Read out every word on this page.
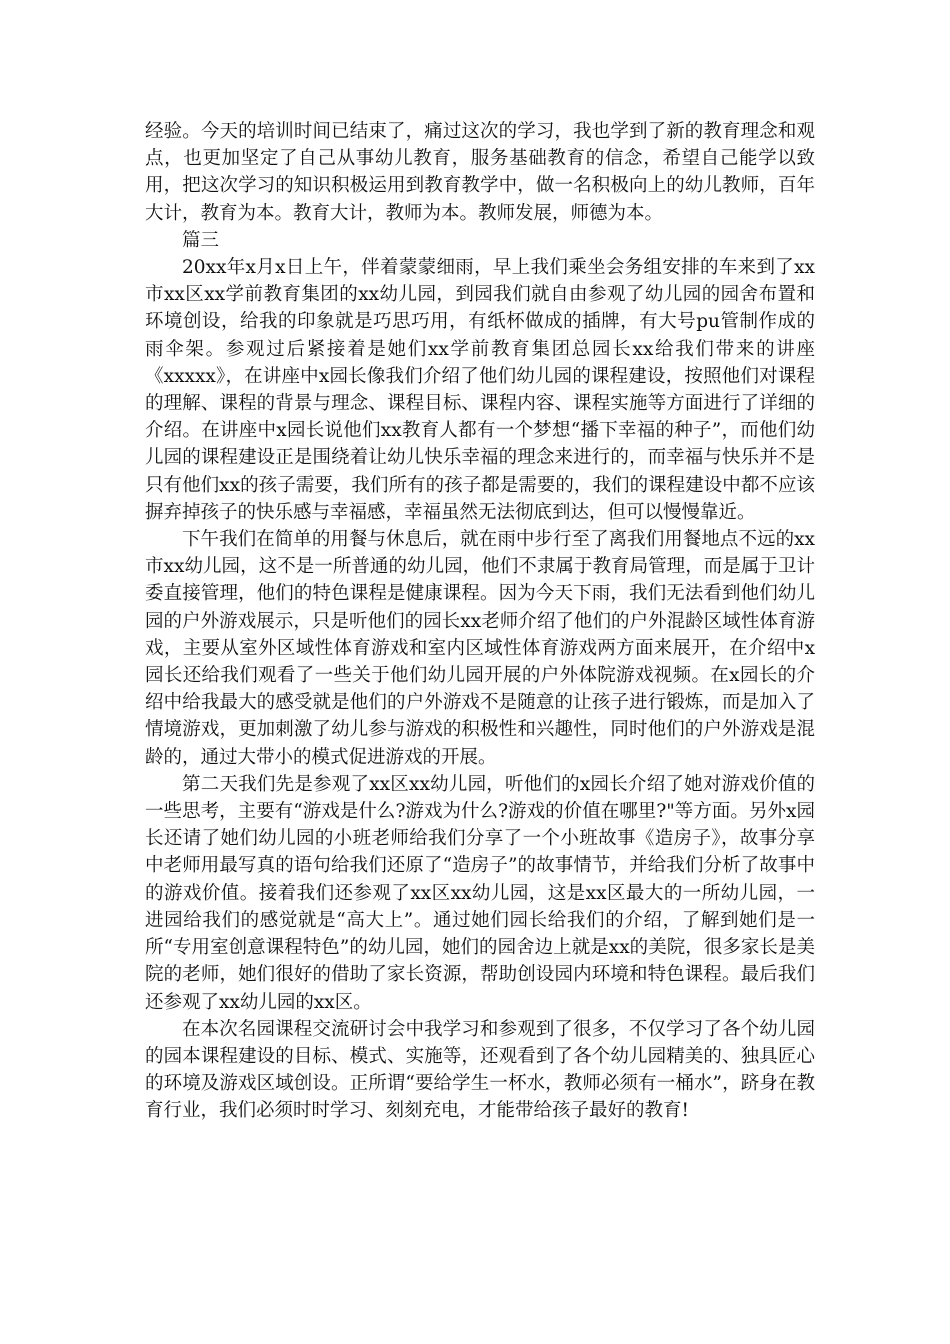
经验。今天的培训时间已结束了，痛过这次的学习，我也学到了新的教育理念和观点，也更加坚定了自己从事幼儿教育，服务基础教育的信念，希望自己能学以致用，把这次学习的知识积极运用到教育教学中，做一名积极向上的幼儿教师，百年大计，教育为本。教育大计，教师为本。教师发展，师德为本。

篇三

20xx年x月x日上午，伴着蒙蒙细雨，早上我们乘坐会务组安排的车来到了xx市xx区xx学前教育集团的xx幼儿园，到园我们就自由参观了幼儿园的园舍布置和环境创设，给我的印象就是巧思巧用，有纸杯做成的插牌，有大号pu管制作成的雨伞架。参观过后紧接着是她们xx学前教育集团总园长xx给我们带来的讲座《xxxxx》，在讲座中x园长像我们介绍了他们幼儿园的课程建设，按照他们对课程的理解、课程的背景与理念、课程目标、课程内容、课程实施等方面进行了详细的介绍。在讲座中x园长说他们xx教育人都有一个梦想“播下幸福的种子”，而他们幼儿园的课程建设正是围绕着让幼儿快乐幸福的理念来进行的，而幸福与快乐并不是只有他们xx的孩子需要，我们所有的孩子都是需要的，我们的课程建设中都不应该摒弃掉孩子的快乐感与幸福感，幸福虽然无法彻底到达，但可以慢慢靠近。

下午我们在简单的用餐与休息后，就在雨中步行至了离我们用餐地点不远的xx市xx幼儿园，这不是一所普通的幼儿园，他们不隶属于教育局管理，而是属于卫计委直接管理，他们的特色课程是健康课程。因为今天下雨，我们无法看到他们幼儿园的户外游戏展示，只是听他们的园长xx老师介绍了他们的户外混龄区域性体育游戏，主要从室外区域性体育游戏和室内区域性体育游戏两方面来展开，在介绍中x园长还给我们观看了一些关于他们幼儿园开展的户外体院游戏视频。在x园长的介绍中给我最大的感受就是他们的户外游戏不是随意的让孩子进行锻炼，而是加入了情境游戏，更加刺激了幼儿参与游戏的积极性和兴趣性，同时他们的户外游戏是混龄的，通过大带小的模式促进游戏的开展。

第二天我们先是参观了xx区xx幼儿园，听他们的x园长介绍了她对游戏价值的一些思考，主要有“游戏是什么?游戏为什么?游戏的价值在哪里?"等方面。另外x园长还请了她们幼儿园的小班老师给我们分享了一个小班故事《造房子》，故事分享中老师用最写真的语句给我们还原了“造房子”的故事情节，并给我们分析了故事中的游戏价值。接着我们还参观了xx区xx幼儿园，这是xx区最大的一所幼儿园，一进园给我们的感觉就是“高大上”。通过她们园长给我们的介绍，了解到她们是一所“专用室创意课程特色”的幼儿园，她们的园舍边上就是xx的美院，很多家长是美院的老师，她们很好的借助了家长资源，帮助创设园内环境和特色课程。最后我们还参观了xx幼儿园的xx区。

在本次名园课程交流研讨会中我学习和参观到了很多，不仅学习了各个幼儿园的园本课程建设的目标、模式、实施等，还观看到了各个幼儿园精美的、独具匠心的环境及游戏区域创设。正所谓“要给学生一杯水，教师必须有一桶水”，跻身在教育行业，我们必须时时学习、刻刻充电，才能带给孩子最好的教育!
